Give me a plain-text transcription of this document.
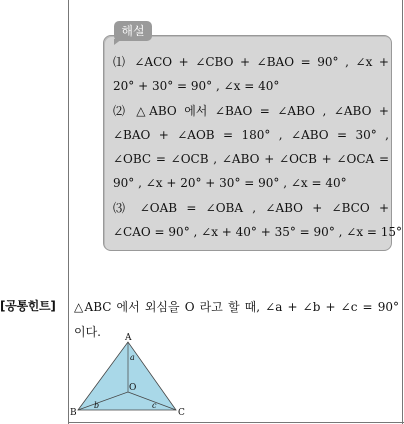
해설
⑴ ∠ACO + ∠CBO + ∠BAO = 90° , ∠x +
20° + 30° = 90° , ∠x = 40°
⑵ △ABO 에서 ∠BAO = ∠ABO , ∠ABO +
∠BAO + ∠AOB = 180° , ∠ABO = 30° ,
∠OBC = ∠OCB , ∠ABO + ∠OCB + ∠OCA =
90° , ∠x + 20° + 30° = 90° , ∠x = 40°
⑶ ∠OAB = ∠OBA , ∠ABO + ∠BCO +
∠CAO = 90° , ∠x + 40° + 35° = 90° , ∠x = 15°
[공통힌트] △ABC 에서 외심을 O 라고 할 때, ∠a + ∠b + ∠c = 90°
이다.	A
B	C
O
a
b	c
